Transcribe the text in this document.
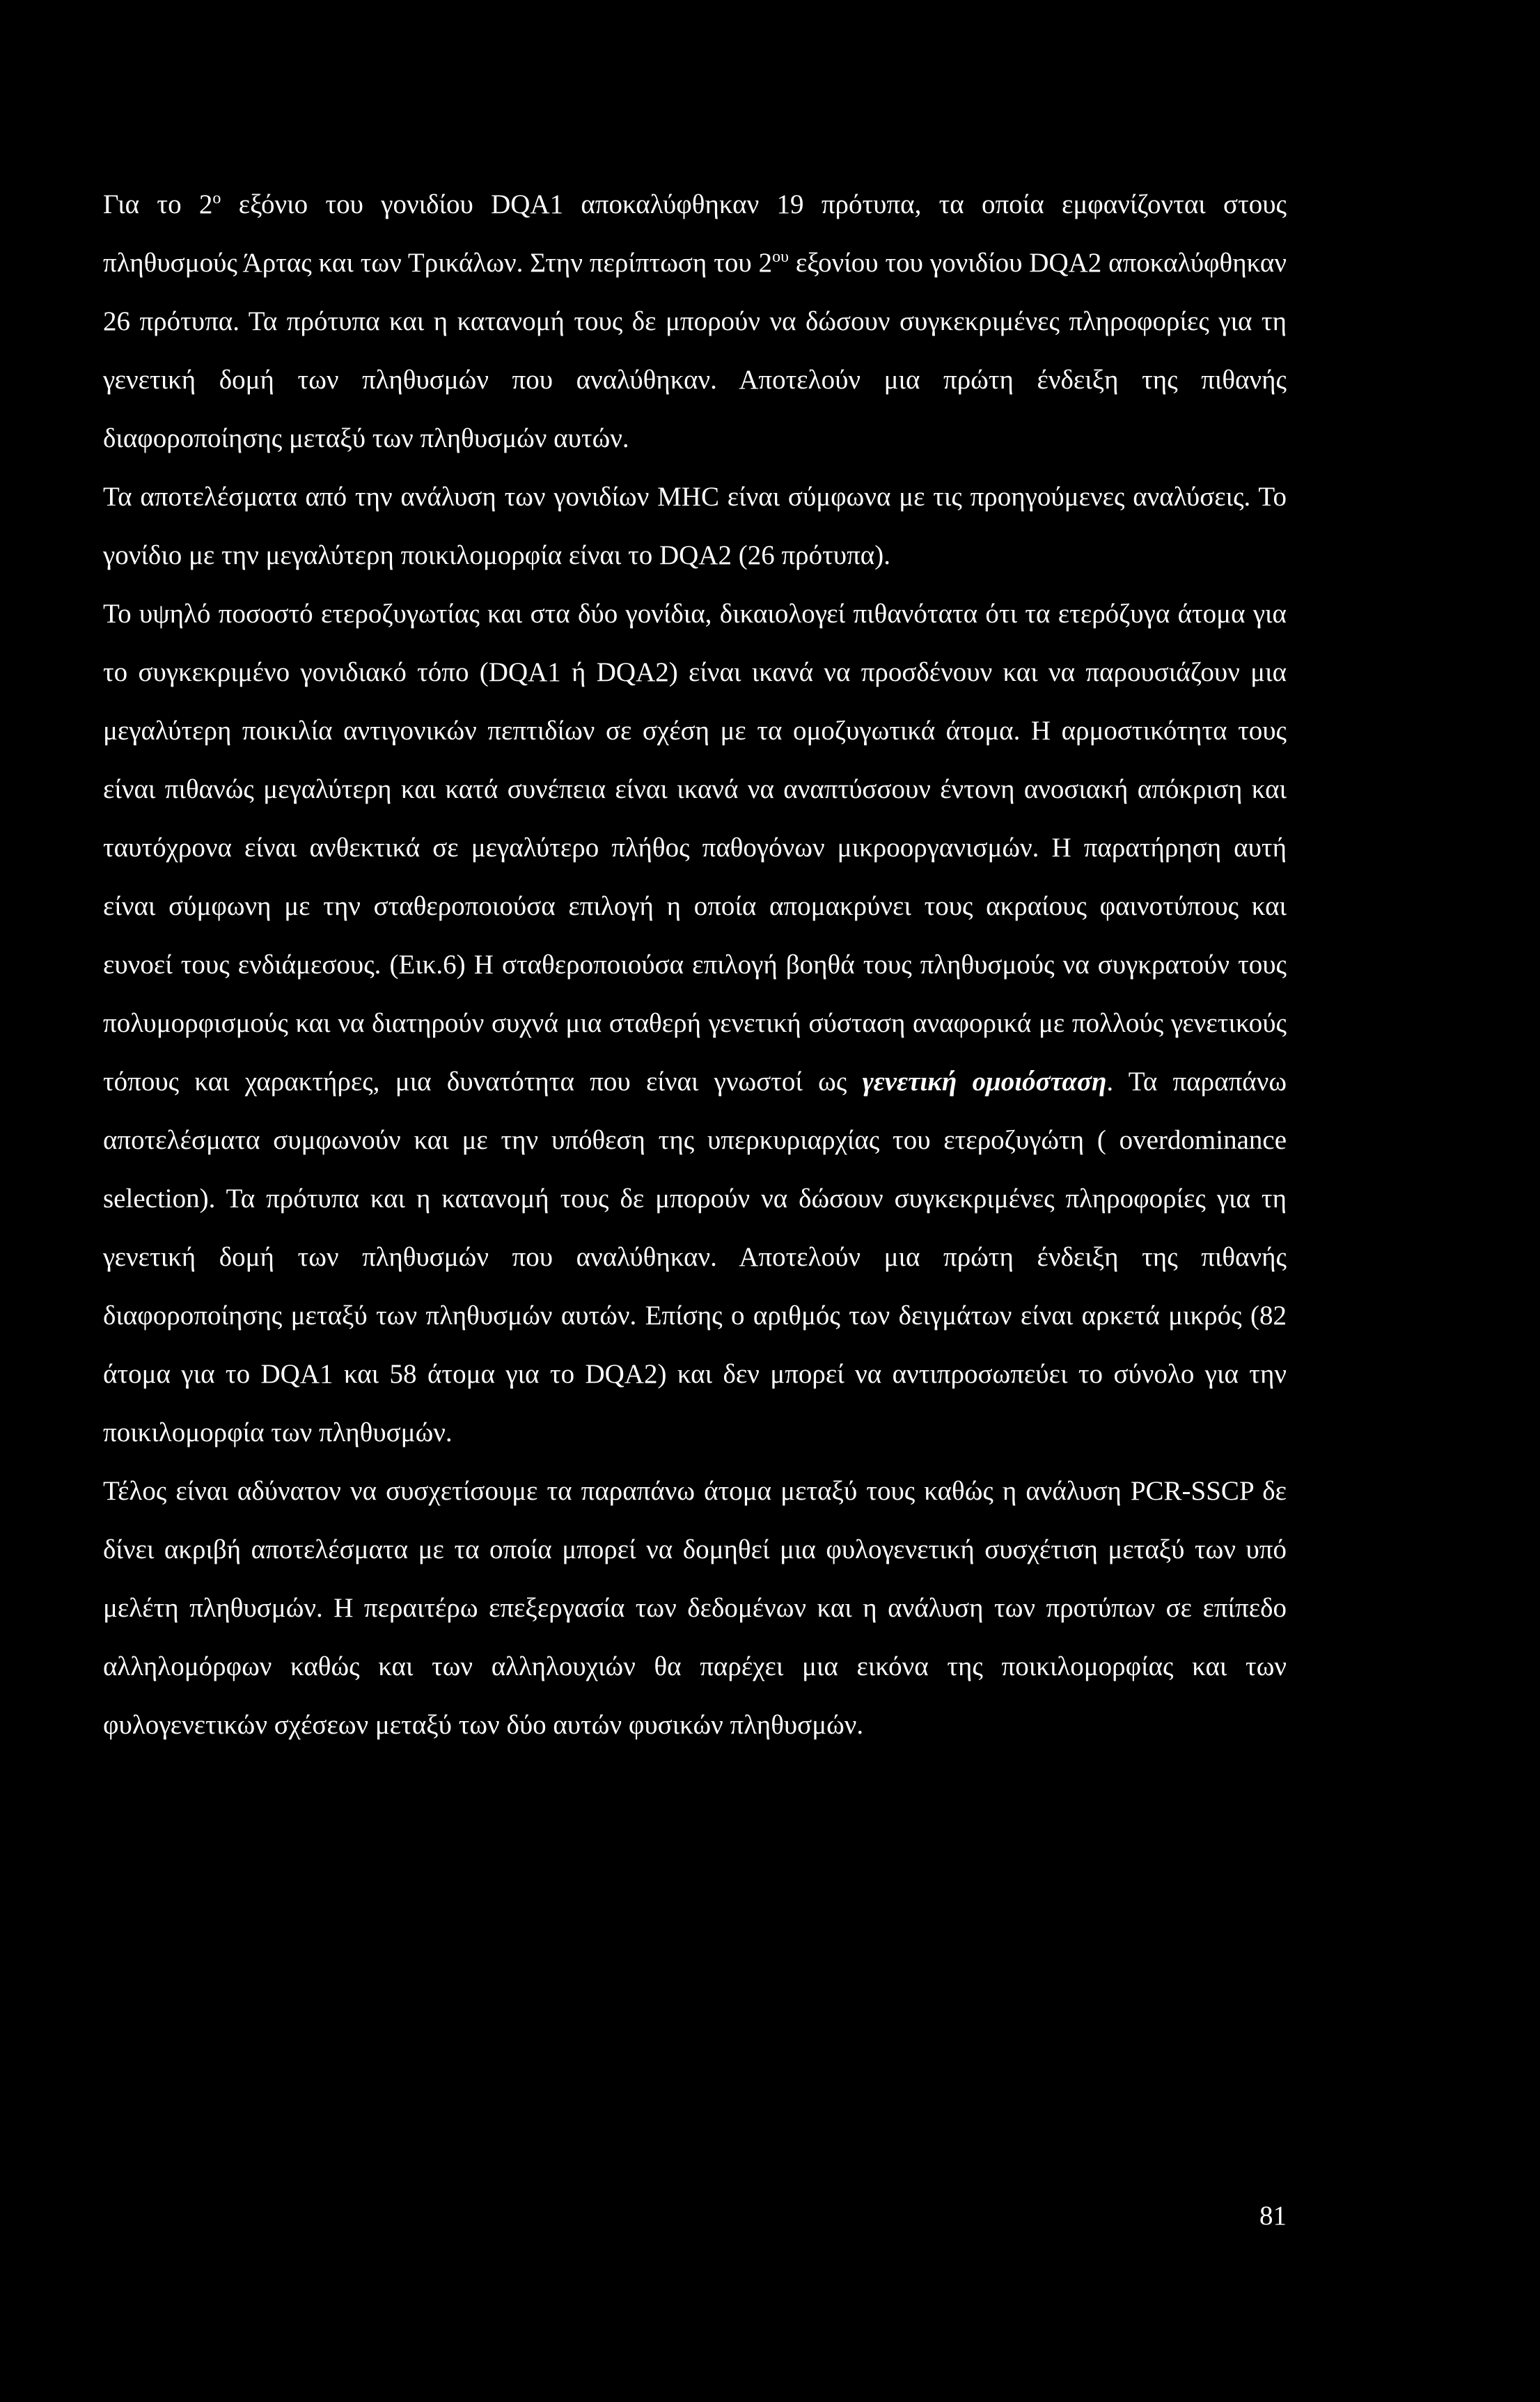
Για το $2^o$ εξόνιο του γονιδίου DQA1 αποκαλύφθηκαν 19 πρότυπα, τα οποία εμφανίζονται στους πληθυσμούς Άρτας και των Τρικάλων. Στην περίπτωση του $2^{o\upsilon}$ εξονίου του γονιδίου DQA2 αποκαλύφθηκαν 26 πρότυπα. Τα πρότυπα και η κατανομή τους δε μπορούν να δώσουν συγκεκριμένες πληροφορίες για τη γενετική δομή των πληθυσμών που αναλύθηκαν. Αποτελούν μια πρώτη ένδειξη της πιθανής διαφοροποίησης μεταξύ των πληθυσμών αυτών.

Τα αποτελέσματα από την ανάλυση των γονιδίων MHC είναι σύμφωνα με τις προηγούμενες αναλύσεις. Το γονίδιο με την μεγαλύτερη ποικιλομορφία είναι το DQA2 (26 πρότυπα).

Το υψηλό ποσοστό ετεροζυγωτίας και στα δύο γονίδια, δικαιολογεί πιθανότατα ότι τα ετερόζυγα άτομα για το συγκεκριμένο γονιδιακό τόπο (DQA1 ή DQA2) είναι ικανά να προσδένουν και να παρουσιάζουν μια μεγαλύτερη ποικιλία αντιγονικών πεπτιδίων σε σχέση με τα ομοζυγωτικά άτομα. Η αρμοστικότητα τους είναι πιθανώς μεγαλύτερη και κατά συνέπεια είναι ικανά να αναπτύσσουν έντονη ανοσιακή απόκριση και ταυτόχρονα είναι ανθεκτικά σε μεγαλύτερο πλήθος παθογόνων μικροοργανισμών. Η παρατήρηση αυτή είναι σύμφωνη με την σταθεροποιούσα επιλογή η οποία απομακρύνει τους ακραίους φαινοτύπους και ευνοεί τους ενδιάμεσους. (Εικ.6) Η σταθεροποιούσα επιλογή βοηθά τους πληθυσμούς να συγκρατούν τους πολυμορφισμούς και να διατηρούν συχνά μια σταθερή γενετική σύσταση αναφορικά με πολλούς γενετικούς τόπους και χαρακτήρες, μια δυνατότητα που είναι γνωστοί ως γενετική ομοιόσταση. Τα παραπάνω αποτελέσματα συμφωνούν και με την υπόθεση της υπερκυριαρχίας του ετεροζυγώτη ( overdominance selection). Τα πρότυπα και η κατανομή τους δε μπορούν να δώσουν συγκεκριμένες πληροφορίες για τη γενετική δομή των πληθυσμών που αναλύθηκαν. Αποτελούν μια πρώτη ένδειξη της πιθανής διαφοροποίησης μεταξύ των πληθυσμών αυτών. Επίσης ο αριθμός των δειγμάτων είναι αρκετά μικρός (82 άτομα για το DQA1 και 58 άτομα για το DQA2) και δεν μπορεί να αντιπροσωπεύει το σύνολο για την ποικιλομορφία των πληθυσμών.

Τέλος είναι αδύνατον να συσχετίσουμε τα παραπάνω άτομα μεταξύ τους καθώς η ανάλυση PCR-SSCP δε δίνει ακριβή αποτελέσματα με τα οποία μπορεί να δομηθεί μια φυλογενετική συσχέτιση μεταξύ των υπό μελέτη πληθυσμών. Η περαιτέρω επεξεργασία των δεδομένων και η ανάλυση των προτύπων σε επίπεδο αλληλομόρφων καθώς και των αλληλουχιών θα παρέχει μια εικόνα της ποικιλομορφίας και των φυλογενετικών σχέσεων μεταξύ των δύο αυτών φυσικών πληθυσμών.

81
